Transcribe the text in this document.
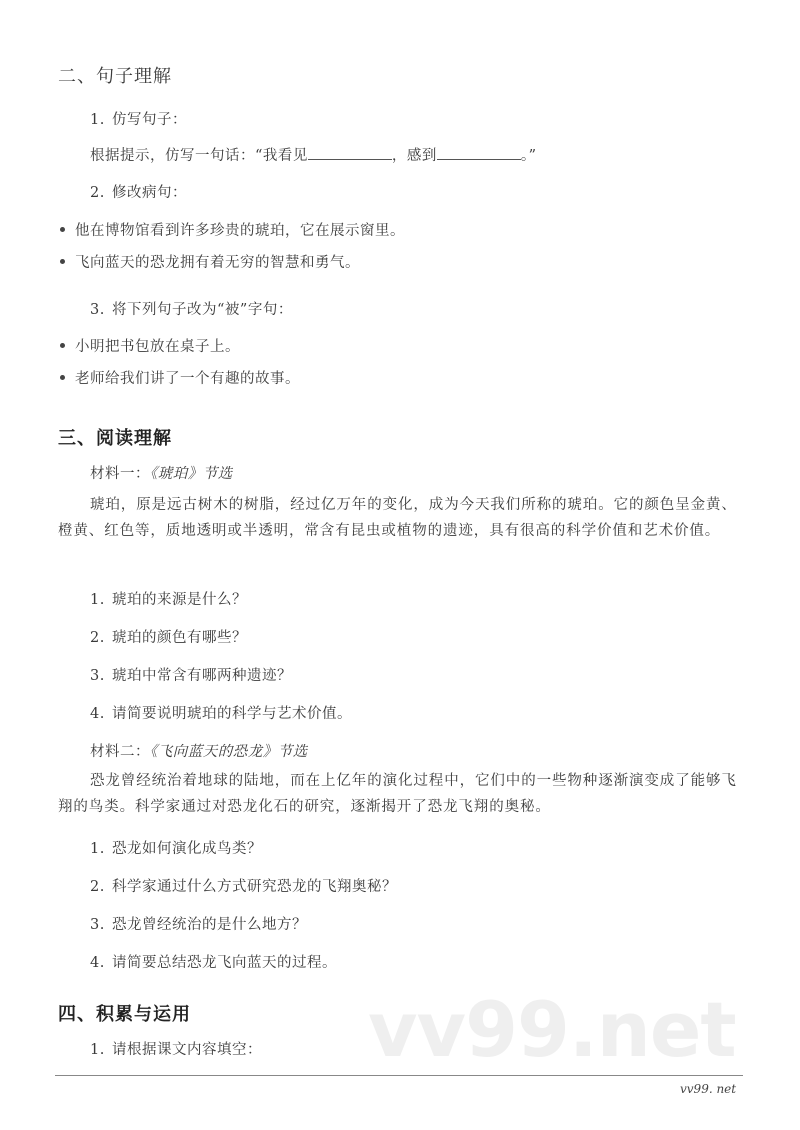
二、句子理解
1. 仿写句子：
根据提示，仿写一句话：“我看见	，感到	。”
2. 修改病句：
他在博物馆看到许多珍贵的琥珀，它在展示窗里。
飞向蓝天的恐龙拥有着无穷的智慧和勇气。
3. 将下列句子改为“被”字句：
小明把书包放在桌子上。
老师给我们讲了一个有趣的故事。
三、阅读理解
材料一：《琥珀》节选
琥珀，原是远古树木的树脂，经过亿万年的变化，成为今天我们所称的琥珀。它的颜色呈金黄、橙黄、红色等，质地透明或半透明，常含有昆虫或植物的遗迹，具有很高的科学价值和艺术价值。
1. 琥珀的来源是什么？
2. 琥珀的颜色有哪些？
3. 琥珀中常含有哪两种遗迹？
4. 请简要说明琥珀的科学与艺术价值。
材料二：《飞向蓝天的恐龙》节选
恐龙曾经统治着地球的陆地，而在上亿年的演化过程中，它们中的一些物种逐渐演变成了能够飞翔的鸟类。科学家通过对恐龙化石的研究，逐渐揭开了恐龙飞翔的奥秘。
1. 恐龙如何演化成鸟类？
2. 科学家通过什么方式研究恐龙的飞翔奥秘？
3. 恐龙曾经统治的是什么地方？
4. 请简要总结恐龙飞向蓝天的过程。
vv99.net
四、积累与运用
1. 请根据课文内容填空：
vv99. net
